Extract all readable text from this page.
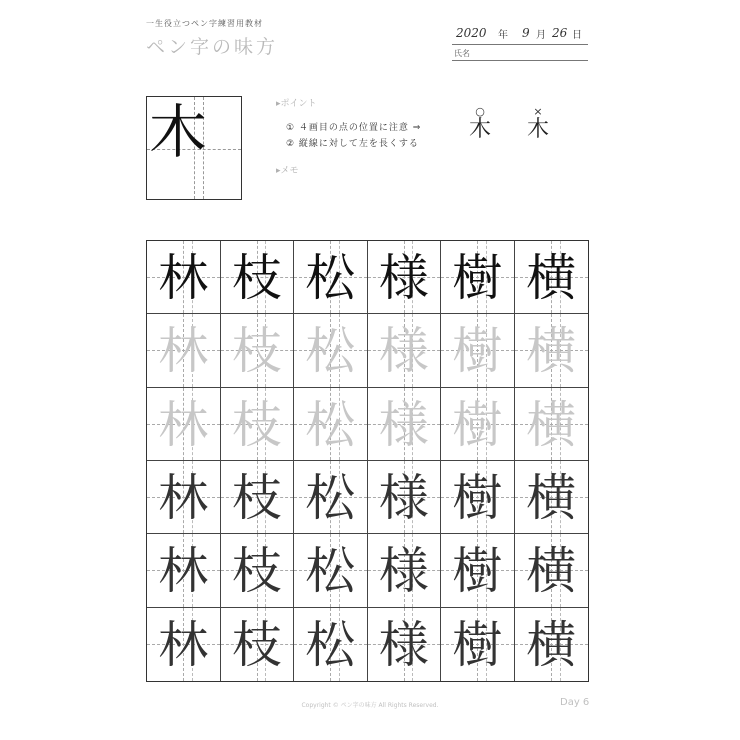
一生役立つペン字練習用教材
ペン字の味方
2020 年 9 月 26 日
氏名
木	▸ポイント
① ４画目の点の位置に注意 ⇒
② 縦線に対して左を長くする
○
木
×
木
▸メモ
林 枝 松 様 樹 横
林 枝 松 様 樹 横
林 枝 松 様 樹 横
林 枝 松 様 樹 横
林 枝 松 様 樹 横
林 枝 松 様 樹 横
Copyright © ペン字の味方 All Rights Reserved.	Day 6
